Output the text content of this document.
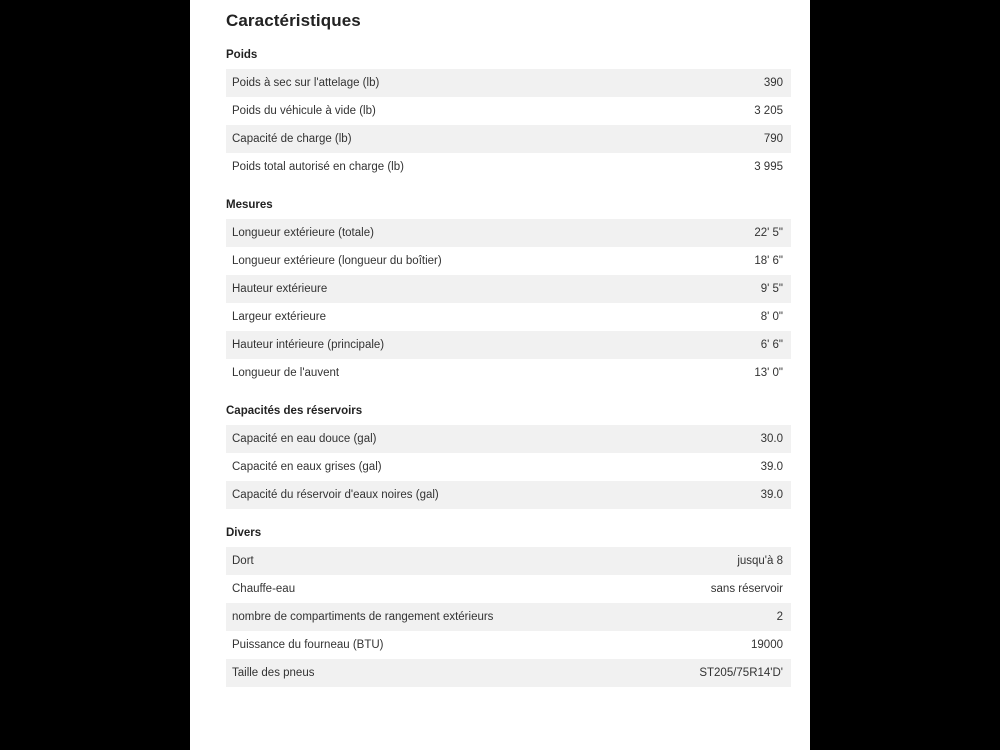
Caractéristiques
Poids
Poids à sec sur l'attelage (lb)	390
Poids du véhicule à vide (lb)	3 205
Capacité de charge (lb)	790
Poids total autorisé en charge (lb)	3 995
Mesures
Longueur extérieure (totale)	22' 5"
Longueur extérieure (longueur du boîtier)	18' 6"
Hauteur extérieure	9' 5"
Largeur extérieure	8' 0"
Hauteur intérieure (principale)	6' 6"
Longueur de l'auvent	13' 0"
Capacités des réservoirs
Capacité en eau douce (gal)	30.0
Capacité en eaux grises (gal)	39.0
Capacité du réservoir d'eaux noires (gal)	39.0
Divers
Dort	jusqu'à 8
Chauffe-eau	sans réservoir
nombre de compartiments de rangement extérieurs	2
Puissance du fourneau (BTU)	19000
Taille des pneus	ST205/75R14'D'
